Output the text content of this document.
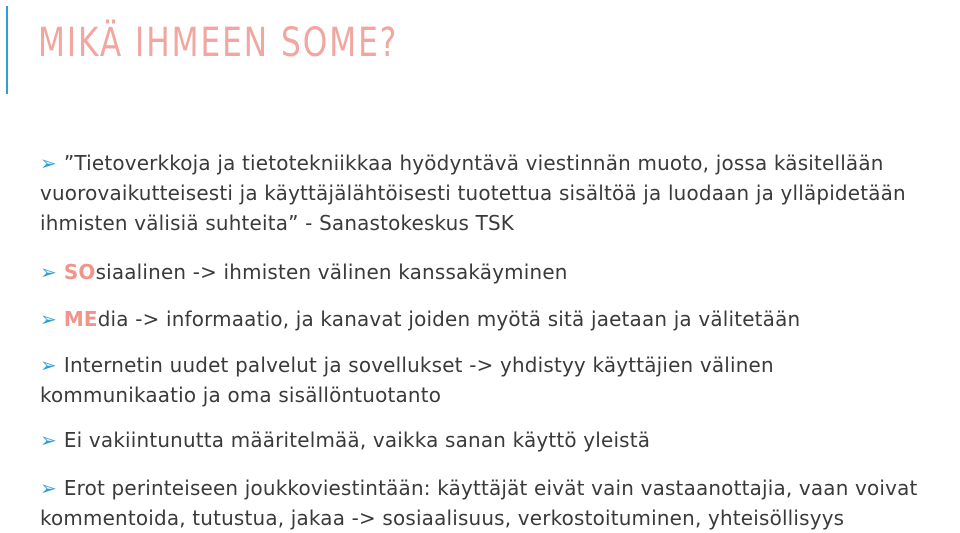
MIKÄ IHMEEN SOME?
➢ ”Tietoverkkoja ja tietotekniikkaa hyödyntävä viestinnän muoto, jossa käsitellään
vuorovaikutteisesti ja käyttäjälähtöisesti tuotettua sisältöä ja luodaan ja ylläpidetään
ihmisten välisiä suhteita” - Sanastokeskus TSK
➢ SOsiaalinen -> ihmisten välinen kanssakäyminen
➢ MEdia -> informaatio, ja kanavat joiden myötä sitä jaetaan ja välitetään
➢ Internetin uudet palvelut ja sovellukset -> yhdistyy käyttäjien välinen
kommunikaatio ja oma sisällöntuotanto
➢ Ei vakiintunutta määritelmää, vaikka sanan käyttö yleistä
➢ Erot perinteiseen joukkoviestintään: käyttäjät eivät vain vastaanottajia, vaan voivat
kommentoida, tutustua, jakaa -> sosiaalisuus, verkostoituminen, yhteisöllisyys
